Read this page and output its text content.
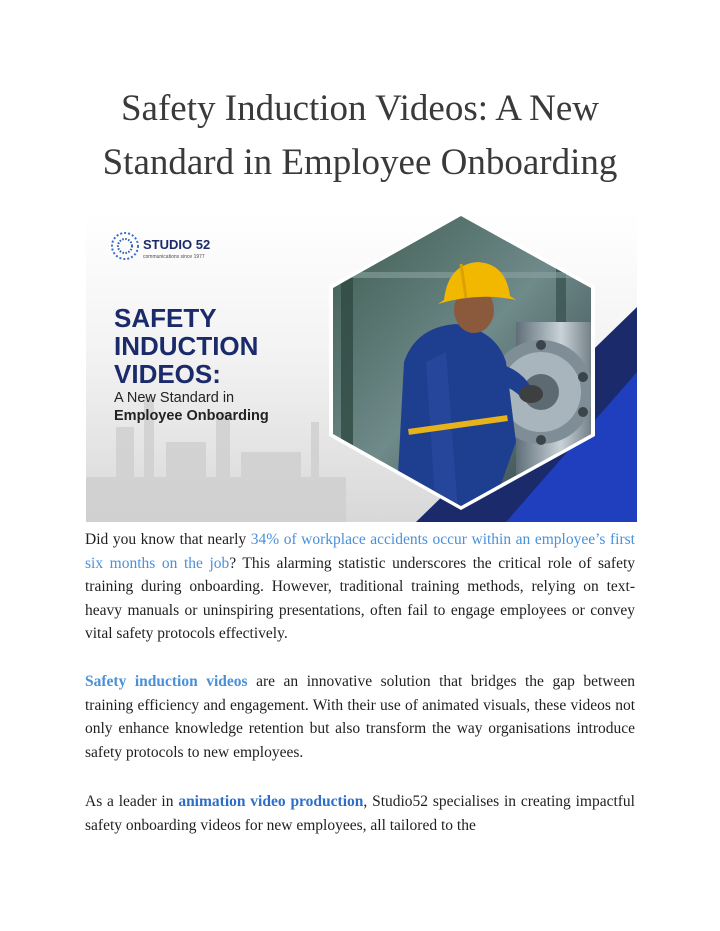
Safety Induction Videos: A New
Standard in Employee Onboarding
STUDIO 52
communications since 1977
SAFETY
INDUCTION
VIDEOS:
A New Standard in
Employee Onboarding

Did you know that nearly 34% of workplace accidents occur within an employee’s first six months on the job? This alarming statistic underscores the critical role of safety training during onboarding. However, traditional training methods, relying on text-heavy manuals or uninspiring presentations, often fail to engage employees or convey vital safety protocols effectively.

Safety induction videos are an innovative solution that bridges the gap between training efficiency and engagement. With their use of animated visuals, these videos not only enhance knowledge retention but also transform the way organisations introduce safety protocols to new employees.

As a leader in animation video production, Studio52 specialises in creating impactful safety onboarding videos for new employees, all tailored to the
